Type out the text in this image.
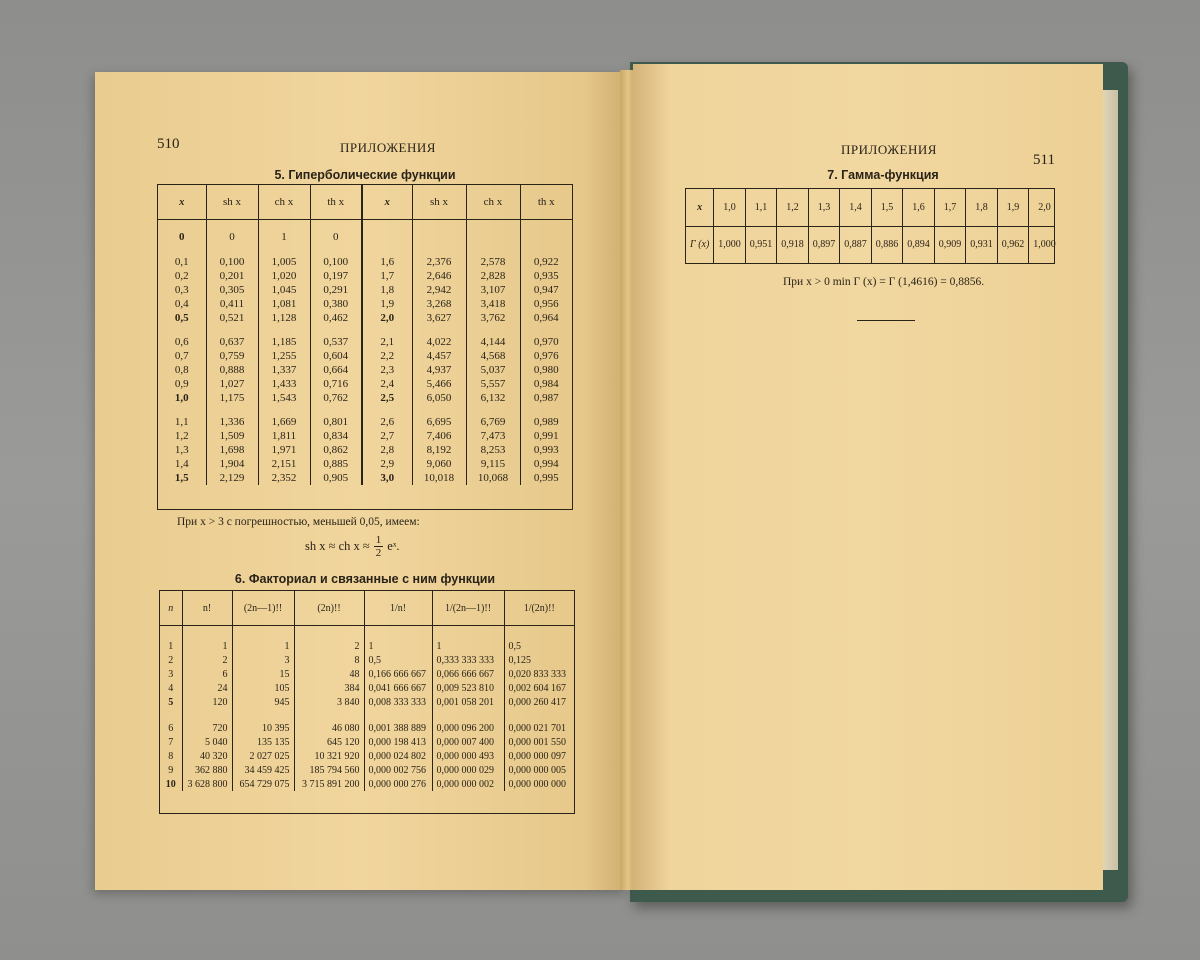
510	ПРИЛОЖЕНИЯ
5. Гиперболические функции
x	sh x	ch x	th x	x	sh x	ch x	th x

0	0	1	0				

0,1	0,100	1,005	0,100	1,6	2,376	2,578	0,922
0,2	0,201	1,020	0,197	1,7	2,646	2,828	0,935
0,3	0,305	1,045	0,291	1,8	2,942	3,107	0,947
0,4	0,411	1,081	0,380	1,9	3,268	3,418	0,956
0,5	0,521	1,128	0,462	2,0	3,627	3,762	0,964

0,6	0,637	1,185	0,537	2,1	4,022	4,144	0,970
0,7	0,759	1,255	0,604	2,2	4,457	4,568	0,976
0,8	0,888	1,337	0,664	2,3	4,937	5,037	0,980
0,9	1,027	1,433	0,716	2,4	5,466	5,557	0,984
1,0	1,175	1,543	0,762	2,5	6,050	6,132	0,987

1,1	1,336	1,669	0,801	2,6	6,695	6,769	0,989
1,2	1,509	1,811	0,834	2,7	7,406	7,473	0,991
1,3	1,698	1,971	0,862	2,8	8,192	8,253	0,993
1,4	1,904	2,151	0,885	2,9	9,060	9,115	0,994
1,5	2,129	2,352	0,905	3,0	10,018	10,068	0,995
При x > 3 с погрешностью, меньшей 0,05, имеем:
sh x ≈ ch $x \approx \frac{1}{2}$ eˣ.
6. Факториал и связанные с ним функции
n	n!	(2n—1)!!	(2n)!!	1/n!	1/(2n—1)!!	1/(2n)!!

1	1	1	2	1	1	0,5
2	2	3	8	0,5	0,333 333 333	0,125
3	6	15	48	0,166 666 667	0,066 666 667	0,020 833 333
4	24	105	384	0,041 666 667	0,009 523 810	0,002 604 167
5	120	945	3 840	0,008 333 333	0,001 058 201	0,000 260 417

6	720	10 395	46 080	0,001 388 889	0,000 096 200	0,000 021 701
7	5 040	135 135	645 120	0,000 198 413	0,000 007 400	0,000 001 550
8	40 320	2 027 025	10 321 920	0,000 024 802	0,000 000 493	0,000 000 097
9	362 880	34 459 425	185 794 560	0,000 002 756	0,000 000 029	0,000 000 005
10	3 628 800	654 729 075	3 715 891 200	0,000 000 276	0,000 000 002	0,000 000 000
ПРИЛОЖЕНИЯ
511
7. Гамма-функция
x	1,0	1,1	1,2	1,3	1,4	1,5	1,6	1,7	1,8	1,9	2,0
Г (x)	1,000	0,951	0,918	0,897	0,887	0,886	0,894	0,909	0,931	0,962	1,000
При x > 0 min Г (x) = Г (1,4616) = 0,8856.
